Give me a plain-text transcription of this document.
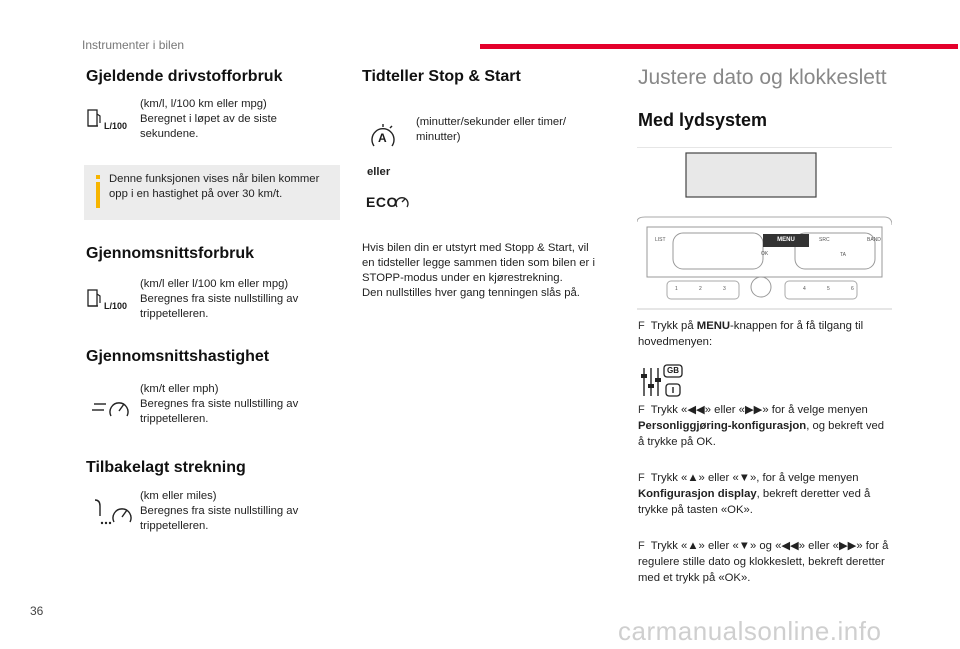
Instrumenter i bilen
Gjeldende drivstofforbruk
L/100
(km/l, l/100 km eller mpg)
Beregnet i løpet av de siste
sekundene.
Denne funksjonen vises når bilen kommer
opp i en hastighet på over 30 km/t.
Gjennomsnittsforbruk
L/100
(km/l eller l/100 km eller mpg)
Beregnes fra siste nullstilling av
trippetelleren.
Gjennomsnittshastighet
(km/t eller mph)
Beregnes fra siste nullstilling av
trippetelleren.
Tilbakelagt strekning
(km eller miles)
Beregnes fra siste nullstilling av
trippetelleren.
Tidteller Stop & Start
A
(minutter/sekunder eller timer/
minutter)
eller
ECO
Hvis bilen din er utstyrt med Stopp & Start, vil
en tidsteller legge sammen tiden som bilen er i
STOPP-modus under en kjørestrekning.
Den nullstilles hver gang tenningen slås på.
Justere dato og klokkeslett
Med lydsystem
MENU
LIST	BAND
SRC
OK	TA
1	2	3	4	5	6
F Trykk på MENU-knappen for å få tilgang til hovedmenyen:
GB
F Trykk «◀◀» eller «▶▶» for å velge menyen Personliggjøring-konfigurasjon, og bekreft ved å trykke på OK.
F Trykk «▲» eller «▼», for å velge menyen Konfigurasjon display, bekreft deretter ved å trykke på tasten «OK».
F Trykk «▲» eller «▼» og «◀◀» eller «▶▶» for å regulere stille dato og klokkeslett, bekreft deretter med et trykk på «OK».
36
carmanualsonline.info
